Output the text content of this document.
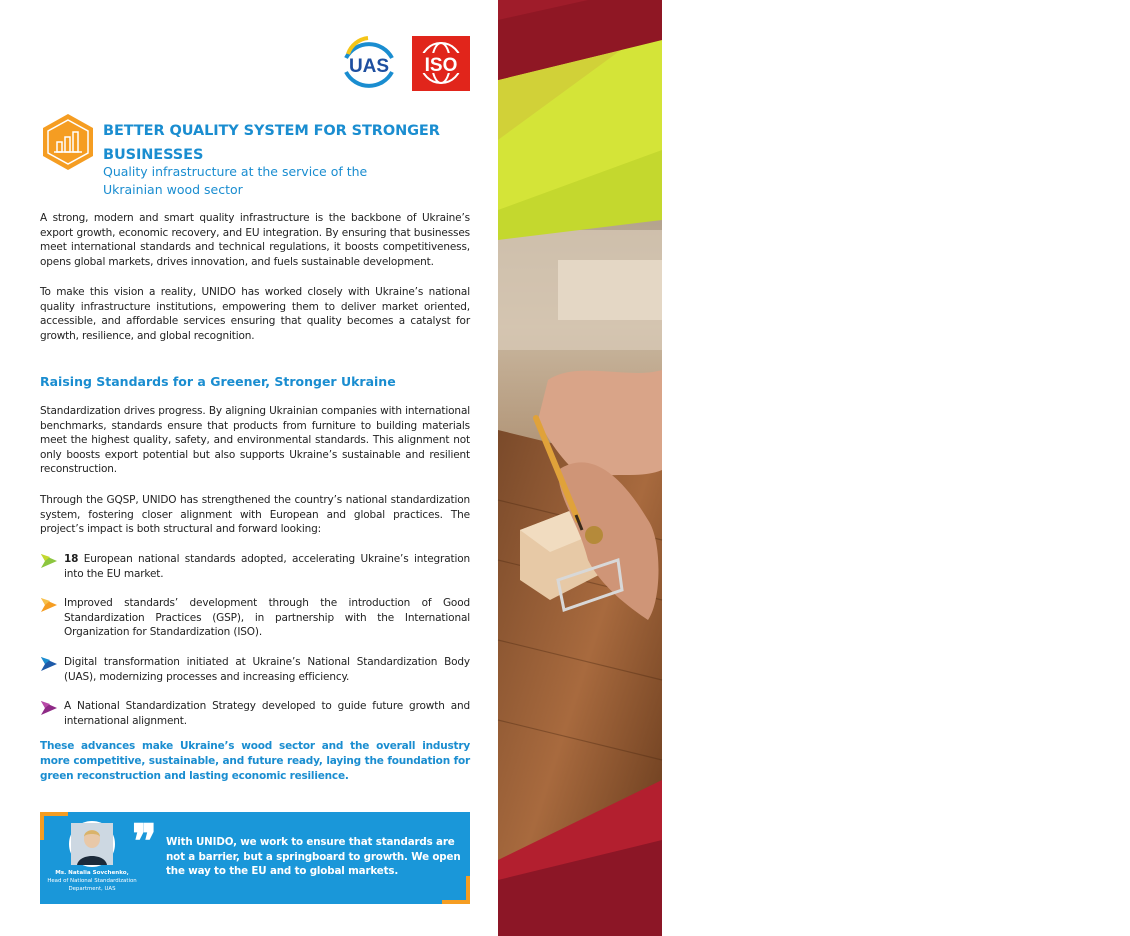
5
UAS ISO
BETTER QUALITY SYSTEM FOR STRONGER BUSINESSES
Quality infrastructure at the service of the Ukrainian wood sector

A strong, modern and smart quality infrastructure is the backbone of Ukraine’s export growth, economic recovery, and EU integration. By ensuring that businesses meet international standards and technical regulations, it boosts competitiveness, opens global markets, drives innovation, and fuels sustainable development.

To make this vision a reality, UNIDO has worked closely with Ukraine’s national quality infrastructure institutions, empowering them to deliver market oriented, accessible, and affordable services ensuring that quality becomes a catalyst for growth, resilience, and global recognition.

Raising Standards for a Greener, Stronger Ukraine

Standardization drives progress. By aligning Ukrainian companies with international benchmarks, standards ensure that products from furniture to building materials meet the highest quality, safety, and environmental standards. This alignment not only boosts export potential but also supports Ukraine’s sustainable and resilient reconstruction.

Through the GQSP, UNIDO has strengthened the country’s national standardization system, fostering closer alignment with European and global practices. The project’s impact is both structural and forward looking:

18 European national standards adopted, accelerating Ukraine’s integration into the EU market.
Improved standards’ development through the introduction of Good Standardization Practices (GSP), in partnership with the International Organization for Standardization (ISO).
Digital transformation initiated at Ukraine’s National Standardization Body (UAS), modernizing processes and increasing efficiency.
A National Standardization Strategy developed to guide future growth and international alignment.

These advances make Ukraine’s wood sector and the overall industry more competitive, sustainable, and future ready, laying the foundation for green reconstruction and lasting economic resilience.

Ms. Natalia Sovchenko,
Head of National Standardization Department, UAS
❞ With UNIDO, we work to ensure that standards are not a barrier, but a springboard to growth. We open the way to the EU and to global markets.
